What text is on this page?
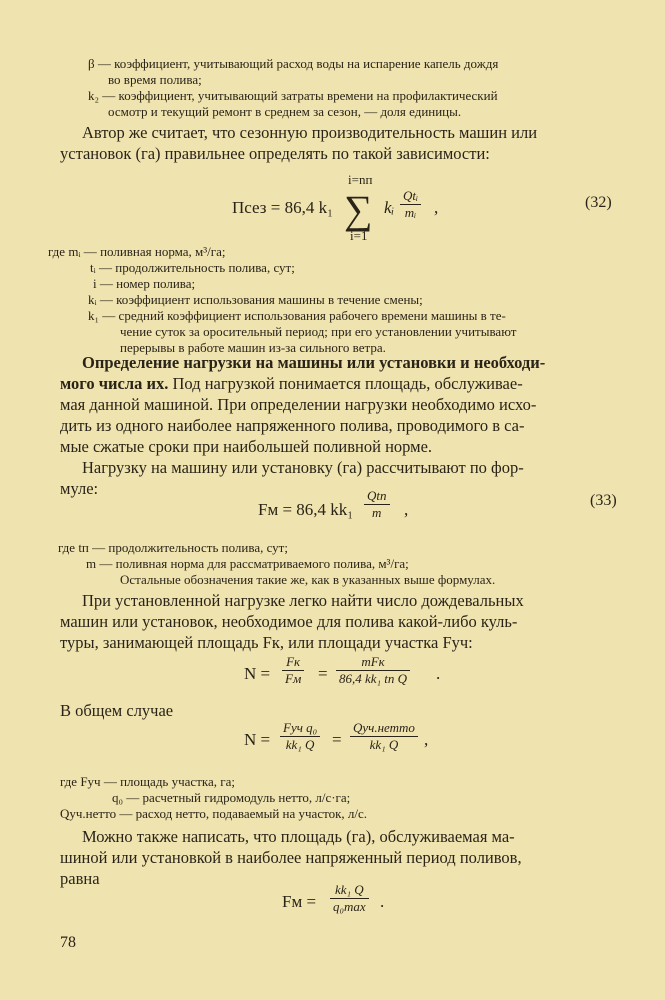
β — коэффициент, учитывающий расход воды на испарение капель дождя
во время полива;
k₂ — коэффициент, учитывающий затраты времени на профилактический
осмотр и текущий ремонт в среднем за сезон, — доля единицы.
Автор же считает, что сезонную производительность машин или
установок (га) правильнее определять по такой зависимости:
Псез = 86,4 k₁
i=nп
∑
i=1
kᵢ
Qtᵢ
mᵢ ,	(32)
где mᵢ — поливная норма, м³/га;
tᵢ — продолжительность полива, сут;
i — номер полива;
kᵢ — коэффициент использования машины в течение смены;
k₁ — средний коэффициент использования рабочего времени машины в те-
чение суток за оросительный период; при его установлении учитывают
перерывы в работе машин из-за сильного ветра.
Определение нагрузки на машины или установки и необходи-
мого числа их. Под нагрузкой понимается площадь, обслуживае-
мая данной машиной. При определении нагрузки необходимо исхо-
дить из одного наиболее напряженного полива, проводимого в са-
мые сжатые сроки при наибольшей поливной норме.
Нагрузку на машину или установку (га) рассчитывают по фор-
муле:
Fм = 86,4 kk₁
Qtп
m	,	(33)
где tп — продолжительность полива, сут;
m — поливная норма для рассматриваемого полива, м³/га;
Остальные обозначения такие же, как в указанных выше формулах.
При установленной нагрузке легко найти число дождевальных
машин или установок, необходимое для полива какой-либо куль-
туры, занимающей площадь Fк, или площади участка Fуч:
N =
Fк
Fм =
mFк
86,4 kk₁ tп Q .
В общем случае
N =
Fуч q₀
kk₁ Q	=
Qуч.нетто
kk₁ Q	,
где Fуч — площадь участка, га;
q₀ — расчетный гидромодуль нетто, л/с·га;
Qуч.нетто — расход нетто, подаваемый на участок, л/с.
Можно также написать, что площадь (га), обслуживаемая ма-
шиной или установкой в наиболее напряженный период поливов,
равна
Fм =
kk₁ Q
q₀max .
78
